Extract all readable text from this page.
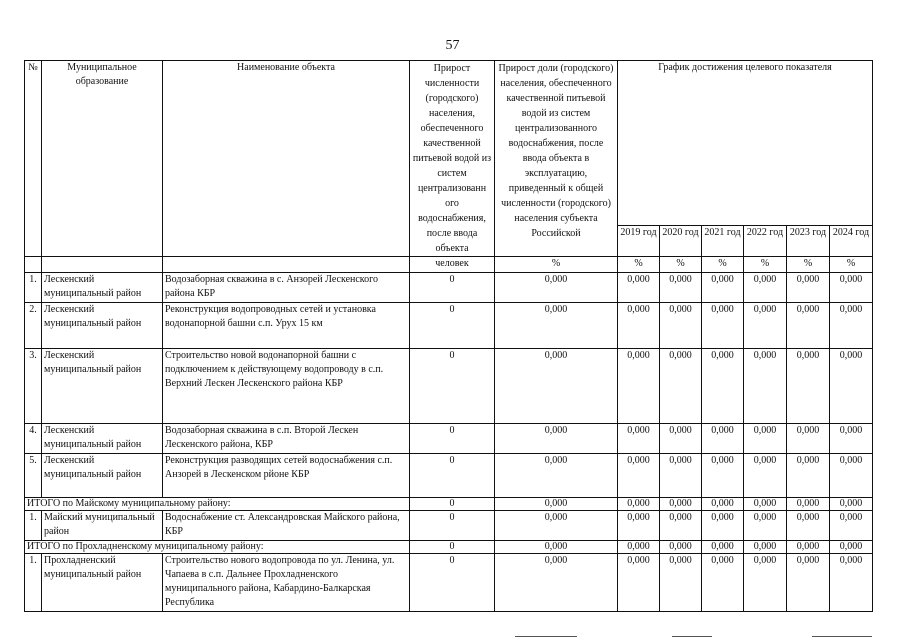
57
№	Муниципальное образование	Наименование объекта	Прирост численности (городского) населения, обеспеченного качественной питьевой водой из систем централизованн ого водоснабжения, после ввода объекта	Прирост доли (городского) населения, обеспеченного качественной питьевой водой из систем централизованного водоснабжения, после ввода объекта в эксплуатацию, приведенный к общей численности (городского) населения субъекта Российской	График достижения целевого показателя					
					2019 год	2020 год	2021 год	2022 год	2023 год	2024 год
			человек	%	%	%	%	%	%	%
1.	Лескенский муниципальный район	Водозаборная скважина в с. Анзорей Лескенского района КБР	0	0,000	0,000	0,000	0,000	0,000	0,000	0,000
2.	Лескенский муниципальный район	Реконструкция водопроводных сетей и установка водонапорной башни с.п. Урух 15 км	0	0,000	0,000	0,000	0,000	0,000	0,000	0,000
3.	Лескенский муниципальный район	Строительство новой водонапорной башни с подключением к действующему водопроводу в с.п. Верхний Лескен Лескенского района КБР	0	0,000	0,000	0,000	0,000	0,000	0,000	0,000
4.	Лескенский муниципальный район	Водозаборная скважина в с.п. Второй Лескен Лескенского района, КБР	0	0,000	0,000	0,000	0,000	0,000	0,000	0,000
5.	Лескенский муниципальный район	Реконструкция разводящих сетей водоснабжения с.п. Анзорей в Лескенском рйоне КБР	0	0,000	0,000	0,000	0,000	0,000	0,000	0,000
ИТОГО по Майскому муниципальному району:			0	0,000	0,000	0,000	0,000	0,000	0,000	0,000
1.	Майский муниципальный район	Водоснабжение ст. Александровская Майского района, КБР	0	0,000	0,000	0,000	0,000	0,000	0,000	0,000
ИТОГО по Прохладненскому муниципальному району:			0	0,000	0,000	0,000	0,000	0,000	0,000	0,000
1.	Прохладненский муниципальный район	Строительство нового водопровода по ул. Ленина, ул. Чапаева в с.п. Дальнее Прохладненского муниципального района, Кабардино-Балкарская Республика	0	0,000	0,000	0,000	0,000	0,000	0,000	0,000
